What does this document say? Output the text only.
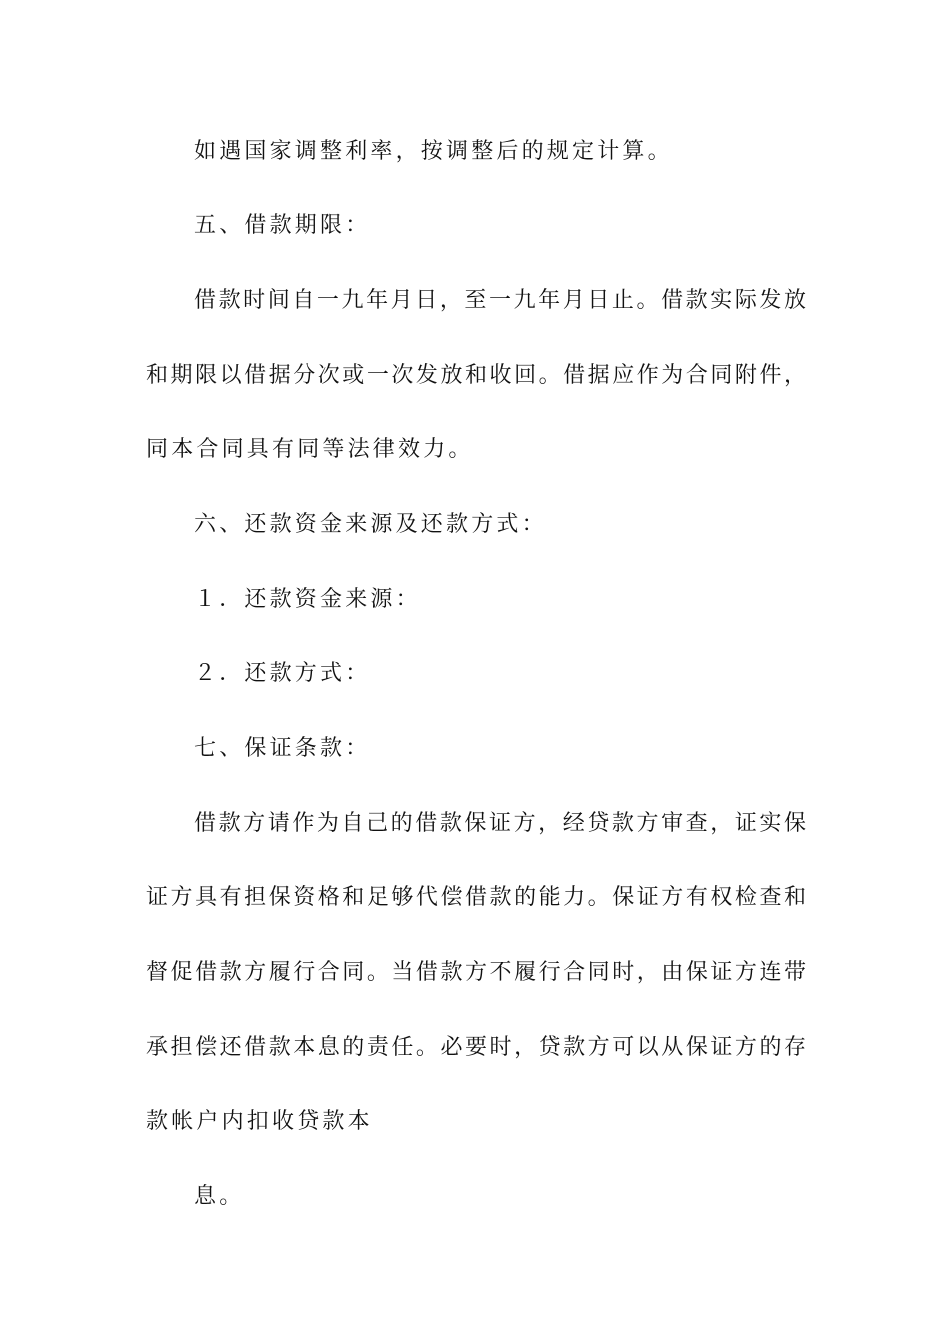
如遇国家调整利率，按调整后的规定计算。
五、借款期限：
借款时间自一九年月日，至一九年月日止。借款实际发放
和期限以借据分次或一次发放和收回。借据应作为合同附件，
同本合同具有同等法律效力。
六、还款资金来源及还款方式：
１．还款资金来源：
２．还款方式：
七、保证条款：
借款方请作为自己的借款保证方，经贷款方审查，证实保
证方具有担保资格和足够代偿借款的能力。保证方有权检查和
督促借款方履行合同。当借款方不履行合同时，由保证方连带
承担偿还借款本息的责任。必要时，贷款方可以从保证方的存
款帐户内扣收贷款本
息。
